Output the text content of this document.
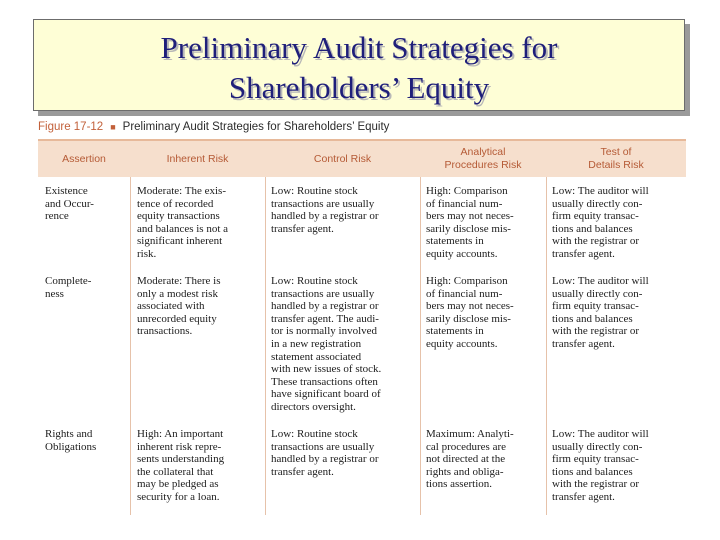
Preliminary Audit Strategies for
Shareholders’ Equity
Figure 17-12 ■ Preliminary Audit Strategies for Shareholders’ Equity
Assertion	Inherent Risk	Control Risk
Analytical
Procedures Risk
Test of
Details Risk
Existence
and Occur-
rence
Moderate: The exis-
tence of recorded
equity transactions
and balances is not a
significant inherent
risk.
Low: Routine stock
transactions are usually
handled by a registrar or
transfer agent.
High: Comparison
of financial num-
bers may not neces-
sarily disclose mis-
statements in
equity accounts.
Low: The auditor will
usually directly con-
firm equity transac-
tions and balances
with the registrar or
transfer agent.
Complete-
ness
Moderate: There is
only a modest risk
associated with
unrecorded equity
transactions.
Low: Routine stock
transactions are usually
handled by a registrar or
transfer agent. The audi-
tor is normally involved
in a new registration
statement associated
with new issues of stock.
These transactions often
have significant board of
directors oversight.
High: Comparison
of financial num-
bers may not neces-
sarily disclose mis-
statements in
equity accounts.
Low: The auditor will
usually directly con-
firm equity transac-
tions and balances
with the registrar or
transfer agent.
Rights and
Obligations
High: An important
inherent risk repre-
sents understanding
the collateral that
may be pledged as
security for a loan.
Low: Routine stock
transactions are usually
handled by a registrar or
transfer agent.
Maximum: Analyti-
cal procedures are
not directed at the
rights and obliga-
tions assertion.
Low: The auditor will
usually directly con-
firm equity transac-
tions and balances
with the registrar or
transfer agent.
